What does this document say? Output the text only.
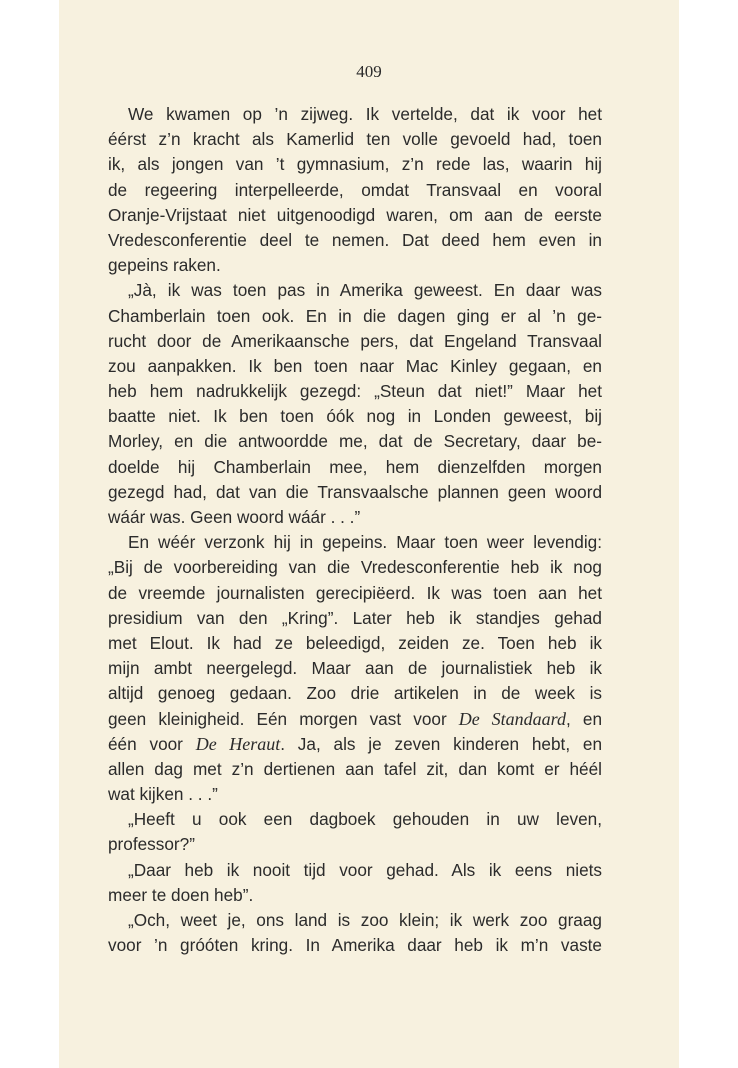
409
We kwamen op ’n zijweg. Ik vertelde, dat ik voor het
éérst z’n kracht als Kamerlid ten volle gevoeld had, toen
ik, als jongen van ’t gymnasium, z’n rede las, waarin hij
de regeering interpelleerde, omdat Transvaal en vooral
Oranje-Vrijstaat niet uitgenoodigd waren, om aan de eerste
Vredesconferentie deel te nemen. Dat deed hem even in
gepeins raken.
„Jà, ik was toen pas in Amerika geweest. En daar was
Chamberlain toen ook. En in die dagen ging er al ’n ge-
rucht door de Amerikaansche pers, dat Engeland Transvaal
zou aanpakken. Ik ben toen naar Mac Kinley gegaan, en
heb hem nadrukkelijk gezegd: „Steun dat niet!” Maar het
baatte niet. Ik ben toen óók nog in Londen geweest, bij
Morley, en die antwoordde me, dat de Secretary, daar be-
doelde hij Chamberlain mee, hem dienzelfden morgen
gezegd had, dat van die Transvaalsche plannen geen woord
wáár was. Geen woord wáár . . .”
En wéér verzonk hij in gepeins. Maar toen weer levendig:
„Bij de voorbereiding van die Vredesconferentie heb ik nog
de vreemde journalisten gerecipiëerd. Ik was toen aan het
presidium van den „Kring”. Later heb ik standjes gehad
met Elout. Ik had ze beleedigd, zeiden ze. Toen heb ik
mijn ambt neergelegd. Maar aan de journalistiek heb ik
altijd genoeg gedaan. Zoo drie artikelen in de week is
geen kleinigheid. Eén morgen vast voor De Standaard, en
één voor De Heraut. Ja, als je zeven kinderen hebt, en
allen dag met z’n dertienen aan tafel zit, dan komt er héél
wat kijken . . .”
„Heeft u ook een dagboek gehouden in uw leven,
professor?”
„Daar heb ik nooit tijd voor gehad. Als ik eens niets
meer te doen heb”.
„Och, weet je, ons land is zoo klein; ik werk zoo graag
voor ’n gróóten kring. In Amerika daar heb ik m’n vaste
